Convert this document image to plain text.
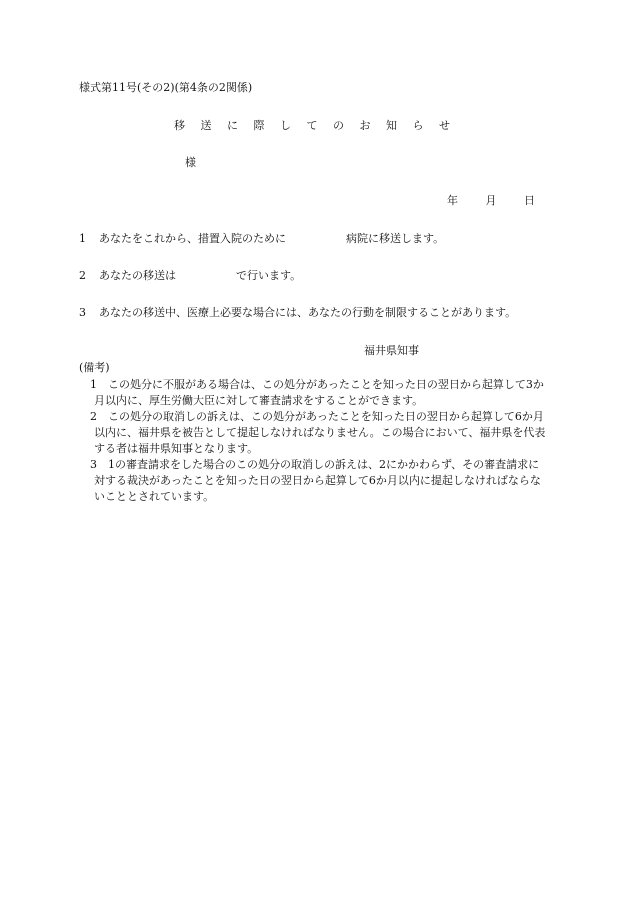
様式第11号(その2)(第4条の2関係)
移 送 に 際 し て の お 知 ら せ
様
年	月	日
1 あなたをこれから、措置入院のために	病院に移送します。
2 あなたの移送は	で行います。
3 あなたの移送中、医療上必要な場合には、あなたの行動を制限することがあります。
福井県知事
(備考)
1 この処分に不服がある場合は、この処分があったことを知った日の翌日から起算して3か月以内に、厚生労働大臣に対して審査請求をすることができます。
2 この処分の取消しの訴えは、この処分があったことを知った日の翌日から起算して6か月以内に、福井県を被告として提起しなければなりません。この場合において、福井県を代表する者は福井県知事となります。
3 1の審査請求をした場合のこの処分の取消しの訴えは、2にかかわらず、その審査請求に対する裁決があったことを知った日の翌日から起算して6か月以内に提起しなければならないこととされています。
